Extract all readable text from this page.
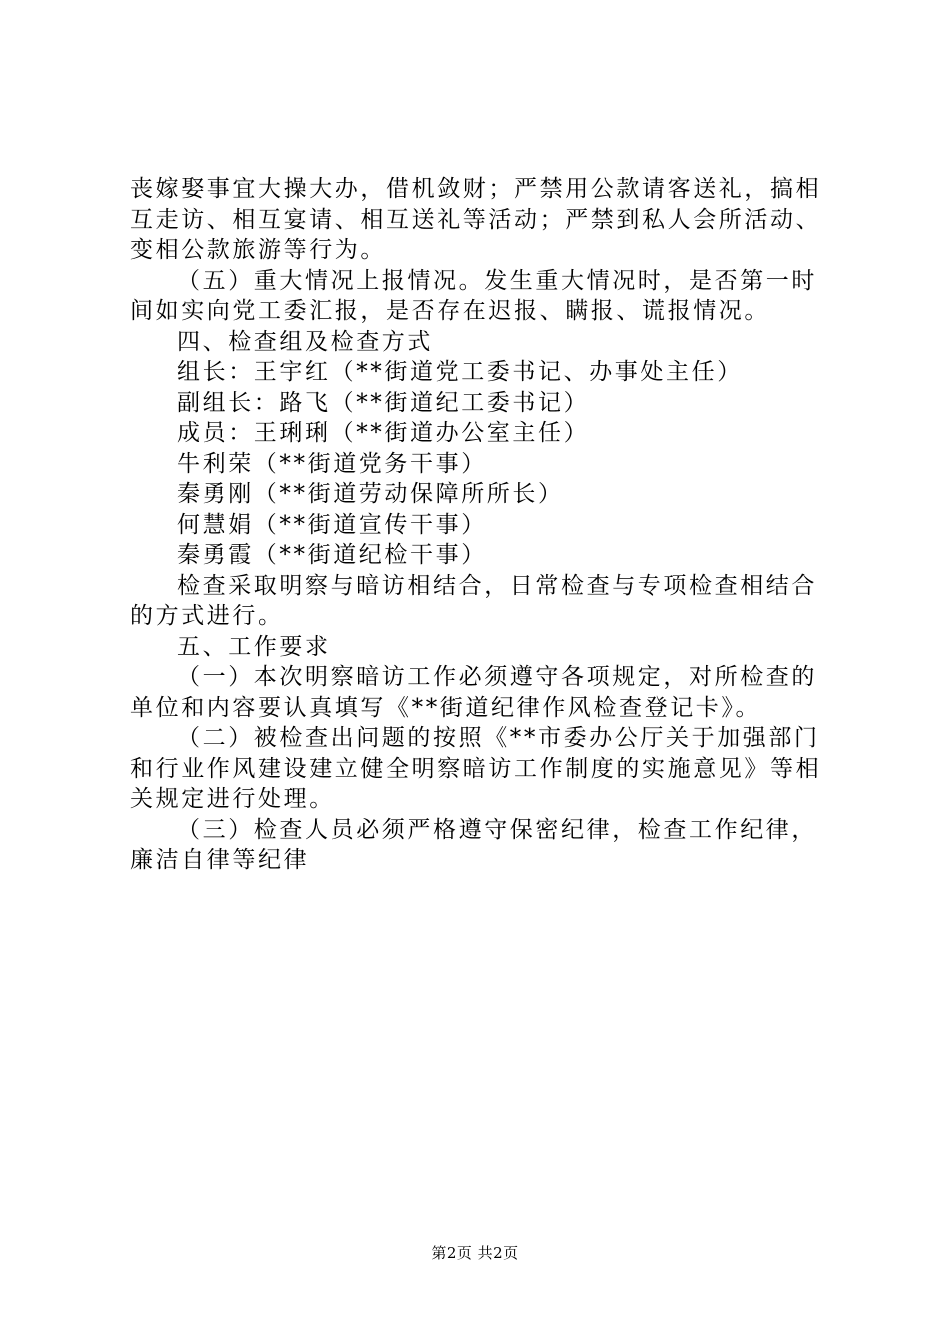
丧嫁娶事宜大操大办，借机敛财；严禁用公款请客送礼，搞相互走访、相互宴请、相互送礼等活动；严禁到私人会所活动、变相公款旅游等行为。

（五）重大情况上报情况。发生重大情况时，是否第一时间如实向党工委汇报，是否存在迟报、瞒报、谎报情况。

四、检查组及检查方式

组长：王宇红（**街道党工委书记、办事处主任）

副组长：路飞（**街道纪工委书记）

成员：王琍琍（**街道办公室主任）

牛利荣（**街道党务干事）

秦勇刚（**街道劳动保障所所长）

何慧娟（**街道宣传干事）

秦勇霞（**街道纪检干事）

检查采取明察与暗访相结合，日常检查与专项检查相结合的方式进行。

五、工作要求

（一）本次明察暗访工作必须遵守各项规定，对所检查的单位和内容要认真填写《**街道纪律作风检查登记卡》。

（二）被检查出问题的按照《**市委办公厅关于加强部门和行业作风建设建立健全明察暗访工作制度的实施意见》等相关规定进行处理。

（三）检查人员必须严格遵守保密纪律，检查工作纪律，廉洁自律等纪律

第2页 共2页
